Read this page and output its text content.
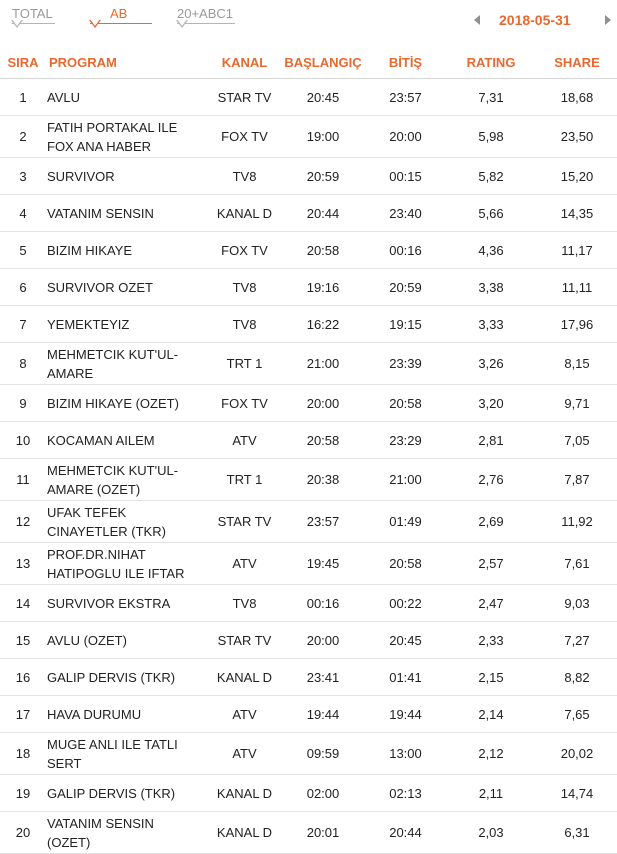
TOTAL	AB	20+ABC1	2018-05-31
SIRA	PROGRAM	KANAL	BAŞLANGIÇ	BİTİŞ	RATING	SHARE
1	AVLU	STAR TV	20:45	23:57	7,31	18,68
2	FATIH PORTAKAL ILE
FOX ANA HABER	FOX TV	19:00	20:00	5,98	23,50
3	SURVIVOR	TV8	20:59	00:15	5,82	15,20
4	VATANIM SENSIN	KANAL D	20:44	23:40	5,66	14,35
5	BIZIM HIKAYE	FOX TV	20:58	00:16	4,36	11,17
6	SURVIVOR OZET	TV8	19:16	20:59	3,38	11,11
7	YEMEKTEYIZ	TV8	16:22	19:15	3,33	17,96
8	MEHMETCIK KUT'UL-
AMARE	TRT 1	21:00	23:39	3,26	8,15
9	BIZIM HIKAYE (OZET)	FOX TV	20:00	20:58	3,20	9,71
10	KOCAMAN AILEM	ATV	20:58	23:29	2,81	7,05
11	MEHMETCIK KUT'UL-
AMARE (OZET)	TRT 1	20:38	21:00	2,76	7,87
12	UFAK TEFEK
CINAYETLER (TKR)	STAR TV	23:57	01:49	2,69	11,92
13	PROF.DR.NIHAT
HATIPOGLU ILE IFTAR	ATV	19:45	20:58	2,57	7,61
14	SURVIVOR EKSTRA	TV8	00:16	00:22	2,47	9,03
15	AVLU (OZET)	STAR TV	20:00	20:45	2,33	7,27
16	GALIP DERVIS (TKR)	KANAL D	23:41	01:41	2,15	8,82
17	HAVA DURUMU	ATV	19:44	19:44	2,14	7,65
18	MUGE ANLI ILE TATLI
SERT	ATV	09:59	13:00	2,12	20,02
19	GALIP DERVIS (TKR)	KANAL D	02:00	02:13	2,11	14,74
20	VATANIM SENSIN
(OZET)	KANAL D	20:01	20:44	2,03	6,31
